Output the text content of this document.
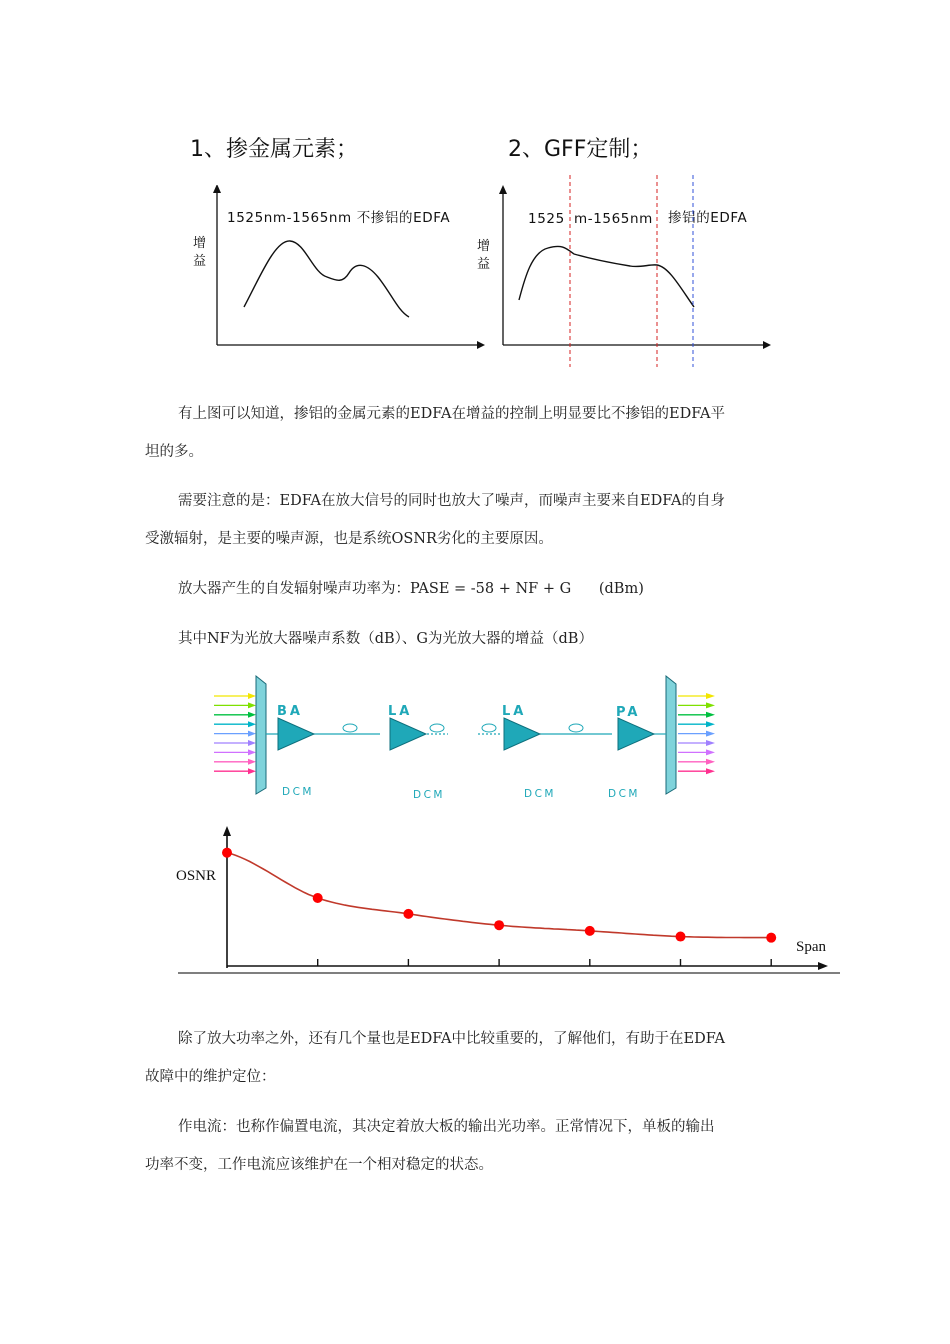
1、掺金属元素；	2、GFF定制；
增
益
1525nm-1565nm 不掺铝的EDFA
增
益
1525 m-1565nm 掺铝的EDFA
有上图可以知道，掺铝的金属元素的EDFA在增益的控制上明显要比不掺铝的EDFA平
坦的多。
需要注意的是：EDFA在放大信号的同时也放大了噪声，而噪声主要来自EDFA的自身
受激辐射，是主要的噪声源，也是系统OSNR劣化的主要原因。
放大器产生的自发辐射噪声功率为：PASE = -58 + NF + G      (dBm)
其中NF为光放大器噪声系数（dB）、G为光放大器的增益（dB）
BA	LA	LA	PA
DCM	DCM	DCM	DCM
OSNR
Span
除了放大功率之外，还有几个量也是EDFA中比较重要的，了解他们，有助于在EDFA
故障中的维护定位：
作电流：也称作偏置电流，其决定着放大板的输出光功率。正常情况下，单板的输出
功率不变，工作电流应该维护在一个相对稳定的状态。
